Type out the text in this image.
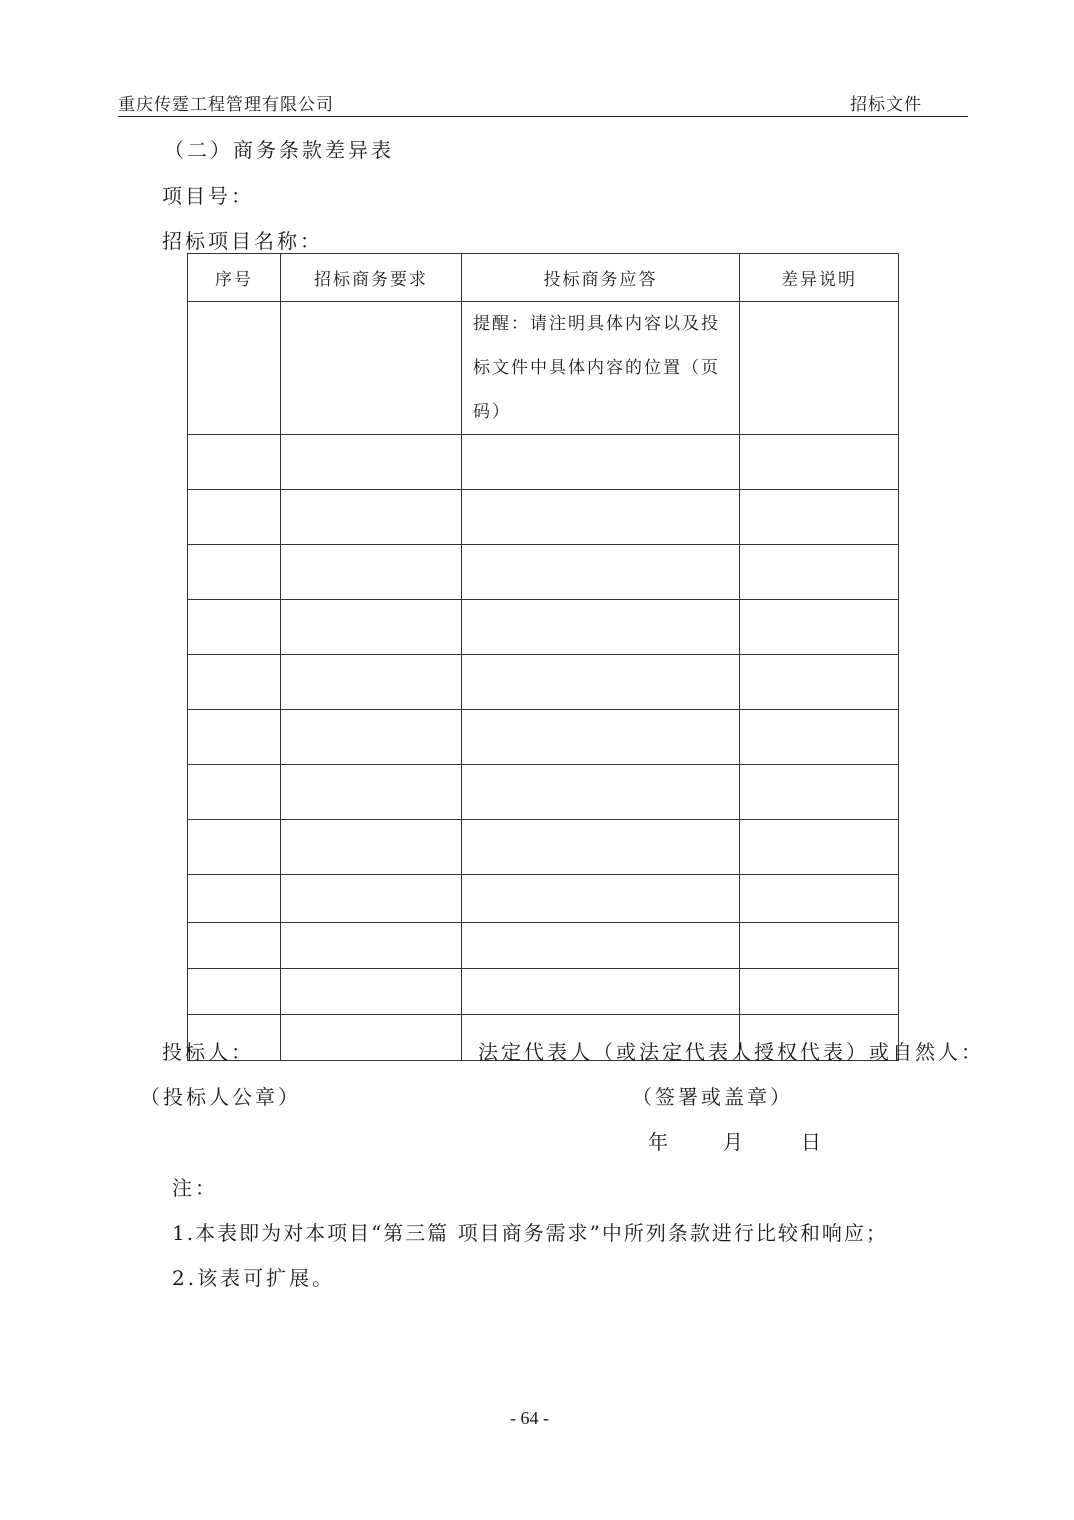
重庆传霆工程管理有限公司	招标文件
（二）商务条款差异表
项目号：
招标项目名称：
序号	招标商务要求	投标商务应答	差异说明
		提醒：请注明具体内容以及投标文件中具体内容的位置（页码）	

投标人：	法定代表人（或法定代表人授权代表）或自然人：
（投标人公章）	（签署或盖章）
年	月	日
注：
1.本表即为对本项目“第三篇 项目商务需求”中所列条款进行比较和响应；
2.该表可扩展。
- 64 -
